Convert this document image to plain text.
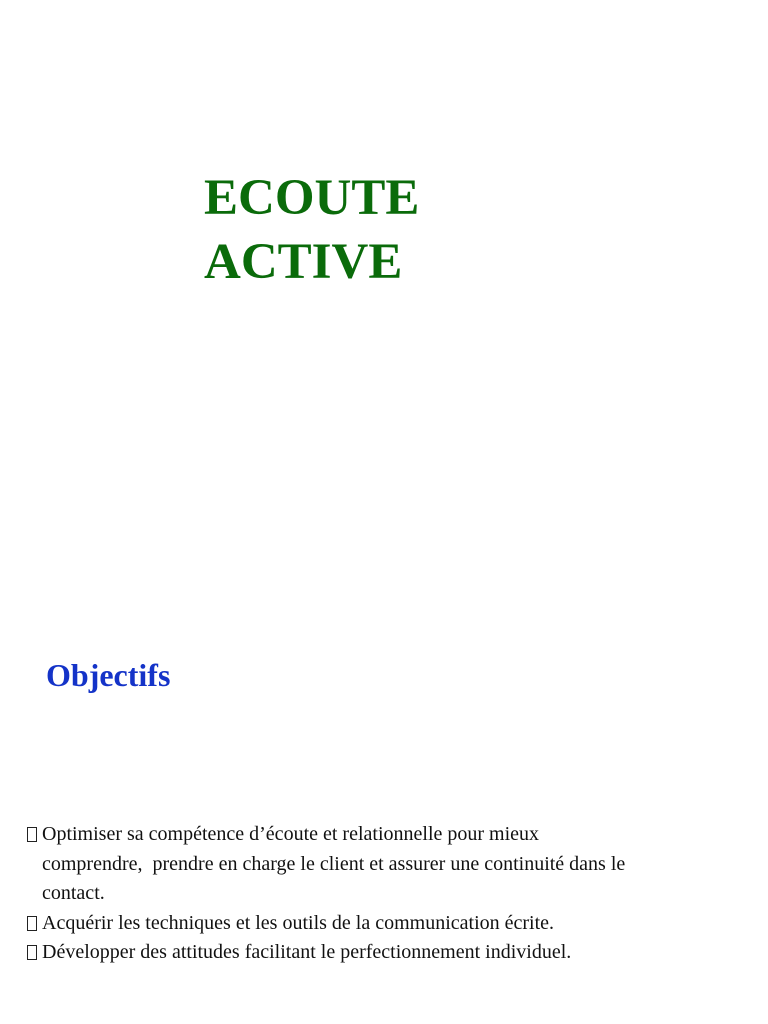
ECOUTE
ACTIVE
Objectifs
Optimiser sa compétence d’écoute et relationnelle pour mieux
comprendre,  prendre en charge le client et assurer une continuité dans le
contact.
Acquérir les techniques et les outils de la communication écrite.
Développer des attitudes facilitant le perfectionnement individuel.
